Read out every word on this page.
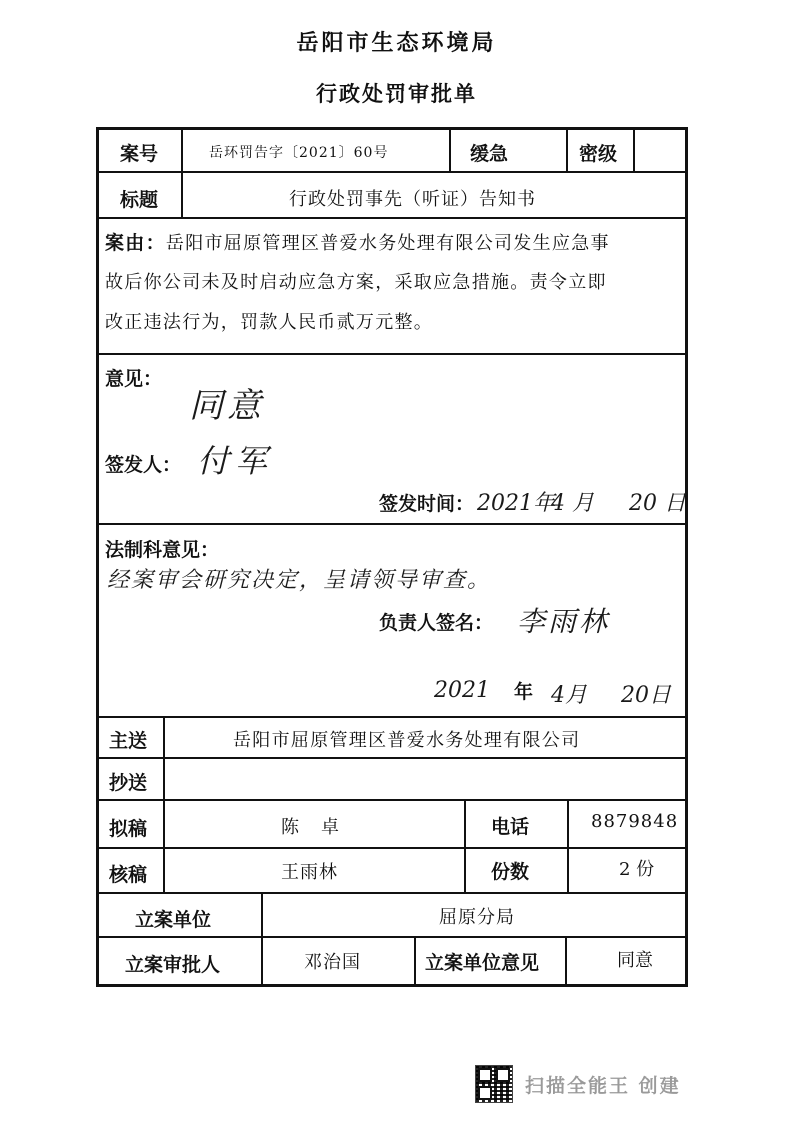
岳阳市生态环境局
行政处罚审批单
案号	岳环罚告字〔2021〕60号	缓急	密级
标题	行政处罚事先（听证）告知书
案由：岳阳市屈原管理区普爱水务处理有限公司发生应急事
故后你公司未及时启动应急方案，采取应急措施。责令立即
改正违法行为，罚款人民币贰万元整。
意见：
同意
签发人： 付军
签发时间： 2021年
4 月 20 日
法制科意见：
经案审会研究决定，呈请领导审查。
负责人签名： 李雨林
2021 年 4月 20日
主送	岳阳市屈原管理区普爱水务处理有限公司
抄送
拟稿	陈　卓	电话	8879848
核稿	王雨林	份数	2 份
立案单位	屈原分局
立案审批人	邓治国	立案单位意见	同意
扫描全能王 创建
